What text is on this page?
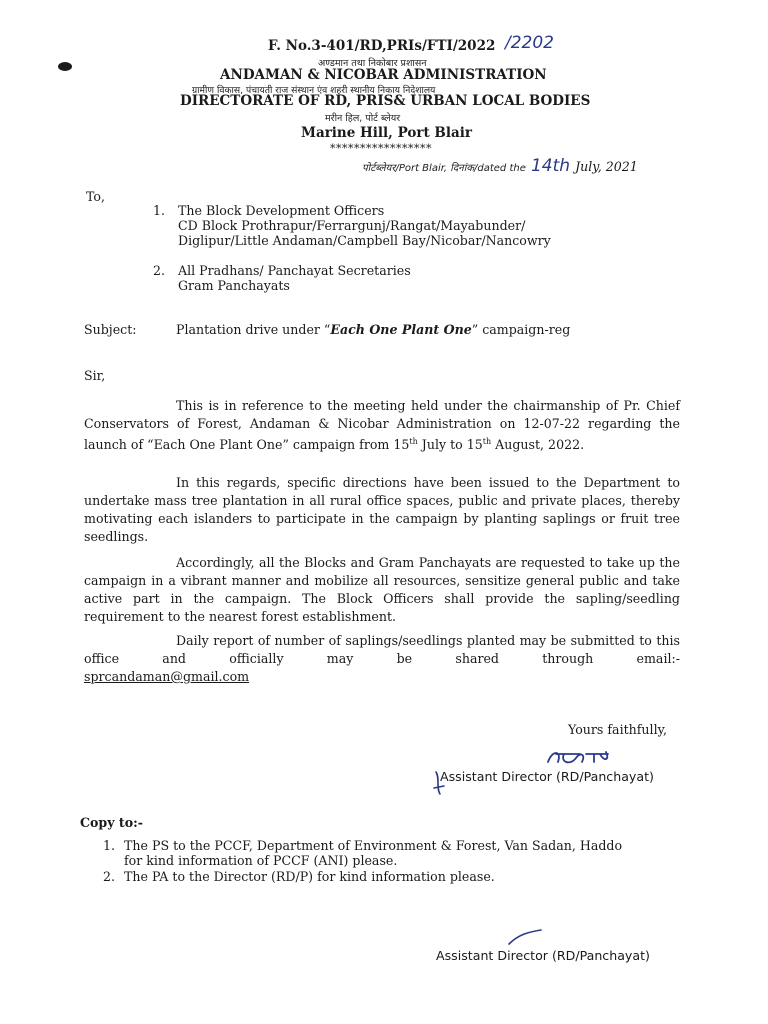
F. No.3-401/RD,PRIs/FTI/2022 /2202
अण्डमान तथा निकोबार प्रशासन
ANDAMAN & NICOBAR ADMINISTRATION
ग्रामीण विकास, पंचायती राज संस्थान एंव शहरी स्थानीय निकाय निदेशालय
DIRECTORATE OF RD, PRIS& URBAN LOCAL BODIES
मरीन हिल, पोर्ट ब्लेयर
Marine Hill, Port Blair
*****************
पोर्टब्लेयर/Port Blair, दिनांक/dated the 14th July, 2021
To,
1. The Block Development Officers
CD Block Prothrapur/Ferrargunj/Rangat/Mayabunder/
Diglipur/Little Andaman/Campbell Bay/Nicobar/Nancowry
2. All Pradhans/ Panchayat Secretaries
Gram Panchayats
Subject:	Plantation drive under “Each One Plant One” campaign-reg
Sir,
This is in reference to the meeting held under the chairmanship of Pr. Chief Conservators of Forest, Andaman & Nicobar Administration on 12-07-22 regarding the launch of “Each One Plant One” campaign from 15th July to 15th August, 2022.
In this regards, specific directions have been issued to the Department to undertake mass tree plantation in all rural office spaces, public and private places, thereby motivating each islanders to participate in the campaign by planting saplings or fruit tree seedlings.
Accordingly, all the Blocks and Gram Panchayats are requested to take up the campaign in a vibrant manner and mobilize all resources, sensitize general public and take active part in the campaign. The Block Officers shall provide the sapling/seedling requirement to the nearest forest establishment.
Daily report of number of saplings/seedlings planted may be submitted to this office and officially may be shared through email:-
sprcandaman@gmail.com
Yours faithfully,
Assistant Director (RD/Panchayat)
Copy to:-
1. The PS to the PCCF, Department of Environment & Forest, Van Sadan, Haddo
for kind information of PCCF (ANI) please.
2. The PA to the Director (RD/P) for kind information please.
Assistant Director (RD/Panchayat)
